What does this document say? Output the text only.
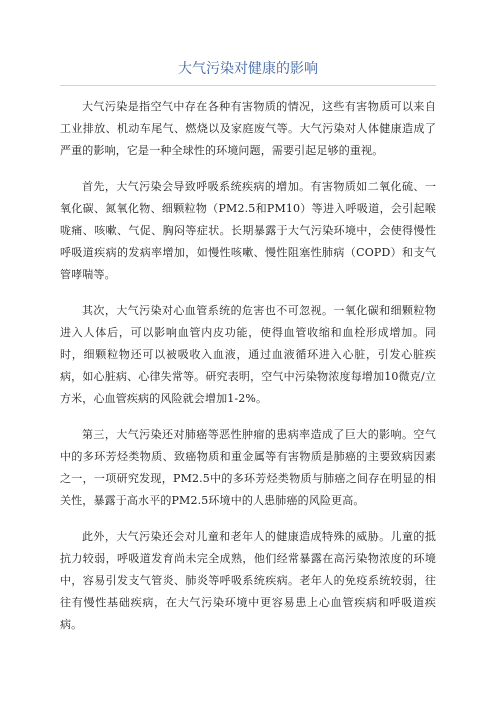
大气污染对健康的影响

大气污染是指空气中存在各种有害物质的情况，这些有害物质可以来自工业排放、机动车尾气、燃烧以及家庭废气等。大气污染对人体健康造成了严重的影响，它是一种全球性的环境问题，需要引起足够的重视。

首先，大气污染会导致呼吸系统疾病的增加。有害物质如二氧化硫、一氧化碳、氮氧化物、细颗粒物（PM2.5和PM10）等进入呼吸道，会引起喉咙痛、咳嗽、气促、胸闷等症状。长期暴露于大气污染环境中，会使得慢性呼吸道疾病的发病率增加，如慢性咳嗽、慢性阻塞性肺病（COPD）和支气管哮喘等。

其次，大气污染对心血管系统的危害也不可忽视。一氧化碳和细颗粒物进入人体后，可以影响血管内皮功能，使得血管收缩和血栓形成增加。同时，细颗粒物还可以被吸收入血液，通过血液循环进入心脏，引发心脏疾病，如心脏病、心律失常等。研究表明，空气中污染物浓度每增加10微克/立方米，心血管疾病的风险就会增加1-2%。

第三，大气污染还对肺癌等恶性肿瘤的患病率造成了巨大的影响。空气中的多环芳烃类物质、致癌物质和重金属等有害物质是肺癌的主要致病因素之一，一项研究发现，PM2.5中的多环芳烃类物质与肺癌之间存在明显的相关性，暴露于高水平的PM2.5环境中的人患肺癌的风险更高。

此外，大气污染还会对儿童和老年人的健康造成特殊的威胁。儿童的抵抗力较弱，呼吸道发育尚未完全成熟，他们经常暴露在高污染物浓度的环境中，容易引发支气管炎、肺炎等呼吸系统疾病。老年人的免疫系统较弱，往往有慢性基础疾病，在大气污染环境中更容易患上心血管疾病和呼吸道疾病。
